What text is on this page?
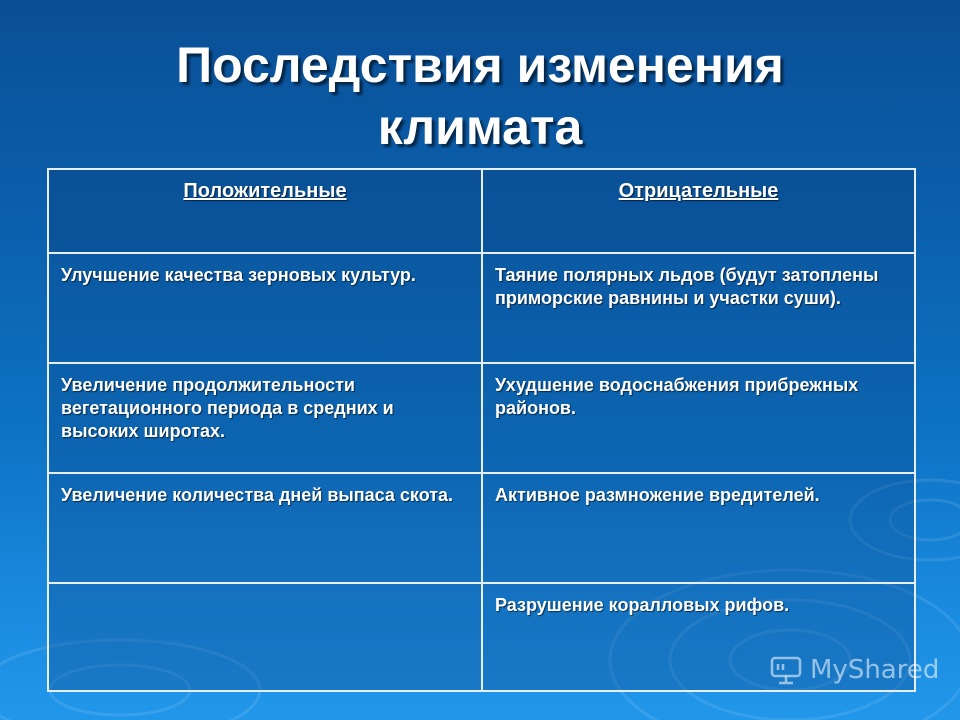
Последствия изменения
климата
Положительные	Отрицательные
Улучшение качества зерновых культур.	Таяние полярных льдов (будут затоплены приморские равнины и участки суши).
Увеличение продолжительности вегетационного периода в средних и высоких широтах.	Ухудшение водоснабжения прибрежных районов.
Увеличение количества дней выпаса скота.	Активное размножение вредителей.
	Разрушение коралловых рифов.
MyShared
